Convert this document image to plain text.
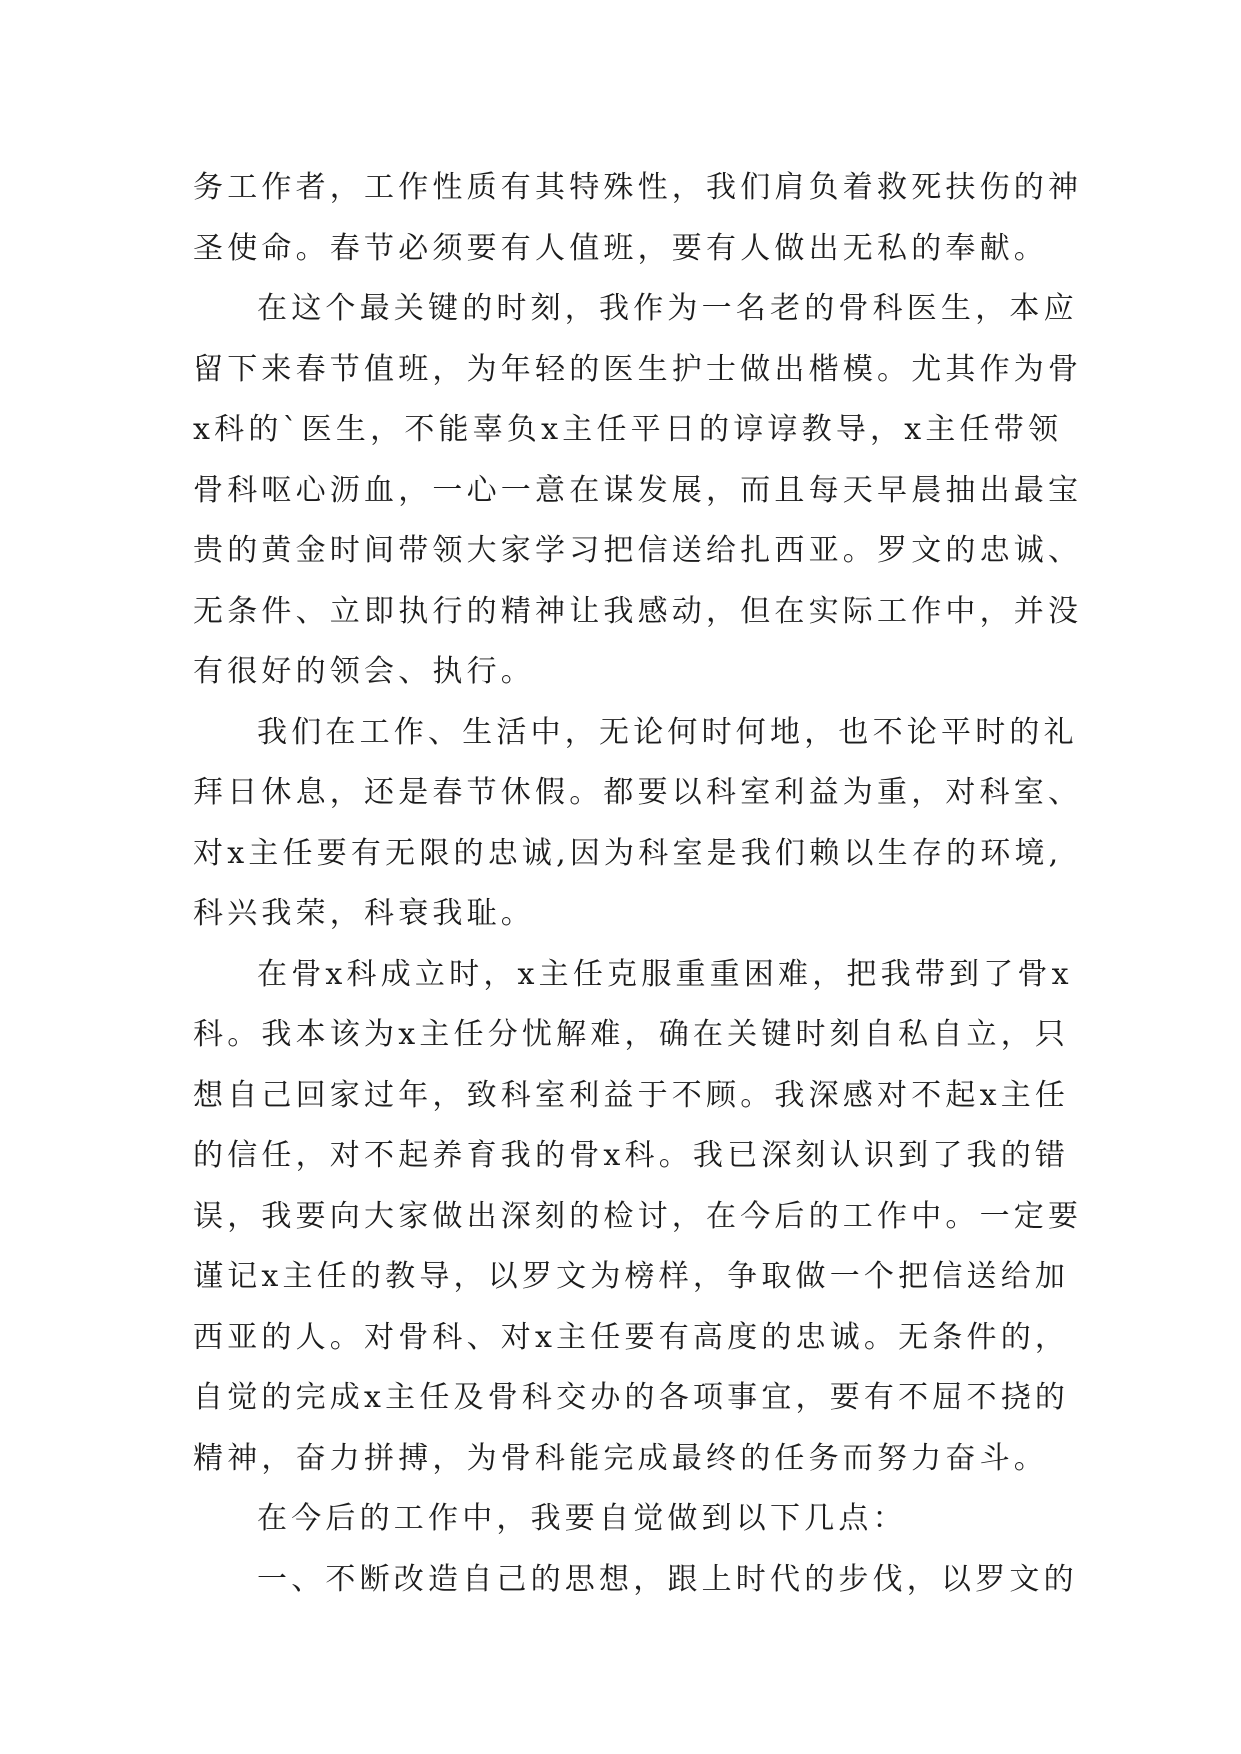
务工作者，工作性质有其特殊性，我们肩负着救死扶伤的神
圣使命。春节必须要有人值班，要有人做出无私的奉献。
在这个最关键的时刻，我作为一名老的骨科医生，本应
留下来春节值班，为年轻的医生护士做出楷模。尤其作为骨
x科的`医生，不能辜负x主任平日的谆谆教导，x主任带领
骨科呕心沥血，一心一意在谋发展，而且每天早晨抽出最宝
贵的黄金时间带领大家学习把信送给扎西亚。罗文的忠诚、
无条件、立即执行的精神让我感动，但在实际工作中，并没
有很好的领会、执行。
我们在工作、生活中，无论何时何地，也不论平时的礼
拜日休息，还是春节休假。都要以科室利益为重，对科室、
对x主任要有无限的忠诚,因为科室是我们赖以生存的环境,
科兴我荣，科衰我耻。
在骨x科成立时，x主任克服重重困难，把我带到了骨x
科。我本该为x主任分忧解难，确在关键时刻自私自立，只
想自己回家过年，致科室利益于不顾。我深感对不起x主任
的信任，对不起养育我的骨x科。我已深刻认识到了我的错
误，我要向大家做出深刻的检讨，在今后的工作中。一定要
谨记x主任的教导，以罗文为榜样，争取做一个把信送给加
西亚的人。对骨科、对x主任要有高度的忠诚。无条件的，
自觉的完成x主任及骨科交办的各项事宜，要有不屈不挠的
精神，奋力拼搏，为骨科能完成最终的任务而努力奋斗。
在今后的工作中，我要自觉做到以下几点：
一、不断改造自己的思想，跟上时代的步伐，以罗文的
